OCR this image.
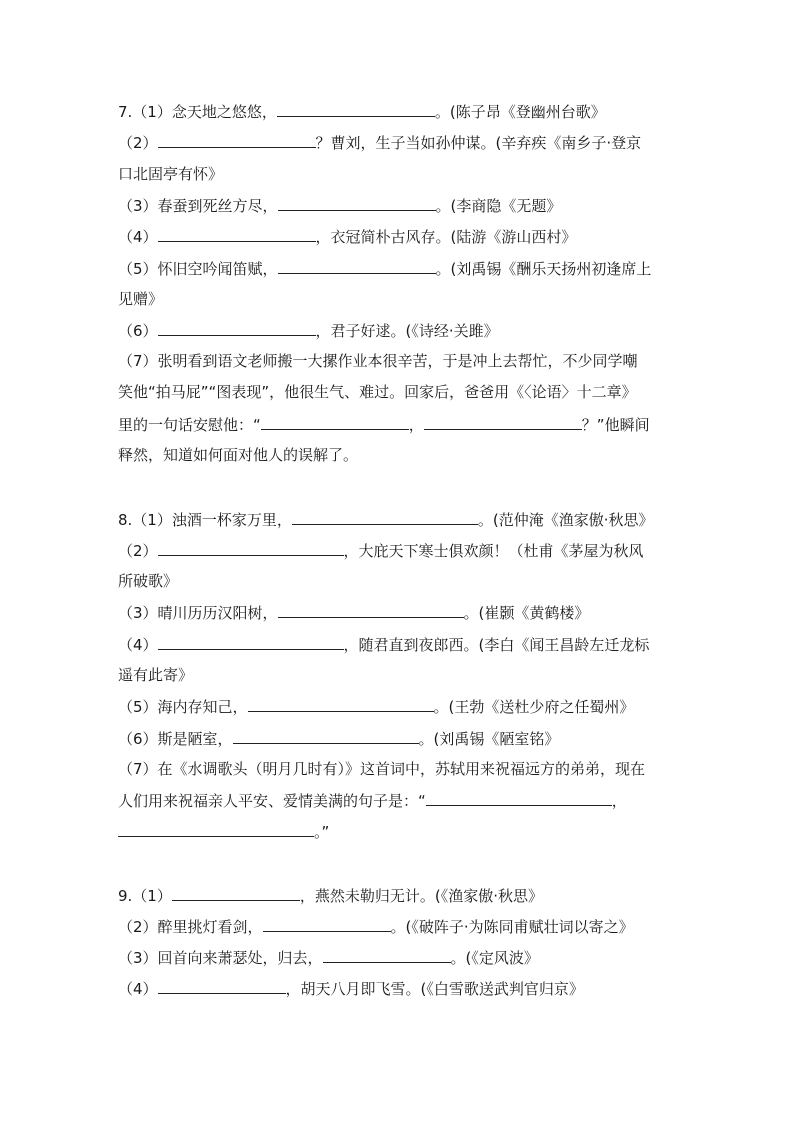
7.（1）念天地之悠悠，	。(陈子昂《登幽州台歌》
（2）	？曹刘，生子当如孙仲谋。(辛弃疾《南乡子·登京
口北固亭有怀》
（3）春蚕到死丝方尽，	。(李商隐《无题》
（4）	，衣冠简朴古风存。(陆游《游山西村》
（5）怀旧空吟闻笛赋，	。(刘禹锡《酬乐天扬州初逢席上
见赠》
（6）	，君子好逑。(《诗经·关雎》
（7）张明看到语文老师搬一大摞作业本很辛苦，于是冲上去帮忙，不少同学嘲
笑他“拍马屁”“图表现”，他很生气、难过。回家后，爸爸用《〈论语〉十二章》
里的一句话安慰他：“	，	？”他瞬间
释然，知道如何面对他人的误解了。
8.（1）浊酒一杯家万里，	。(范仲淹《渔家傲·秋思》
（2）	，大庇天下寒士俱欢颜！（杜甫《茅屋为秋风
所破歌》
（3）晴川历历汉阳树，	。(崔颢《黄鹤楼》
（4）	，随君直到夜郎西。(李白《闻王昌龄左迁龙标
遥有此寄》
（5）海内存知己，	。(王勃《送杜少府之任蜀州》
（6）斯是陋室，	。(刘禹锡《陋室铭》
（7）在《水调歌头（明月几时有）》这首词中，苏轼用来祝福远方的弟弟，现在
人们用来祝福亲人平安、爱情美满的句子是：“	，
。”
9.（1）	，燕然未勒归无计。(《渔家傲·秋思》
（2）醉里挑灯看剑，	。(《破阵子·为陈同甫赋壮词以寄之》
（3）回首向来萧瑟处，归去，	。(《定风波》
（4）	，胡天八月即飞雪。(《白雪歌送武判官归京》
